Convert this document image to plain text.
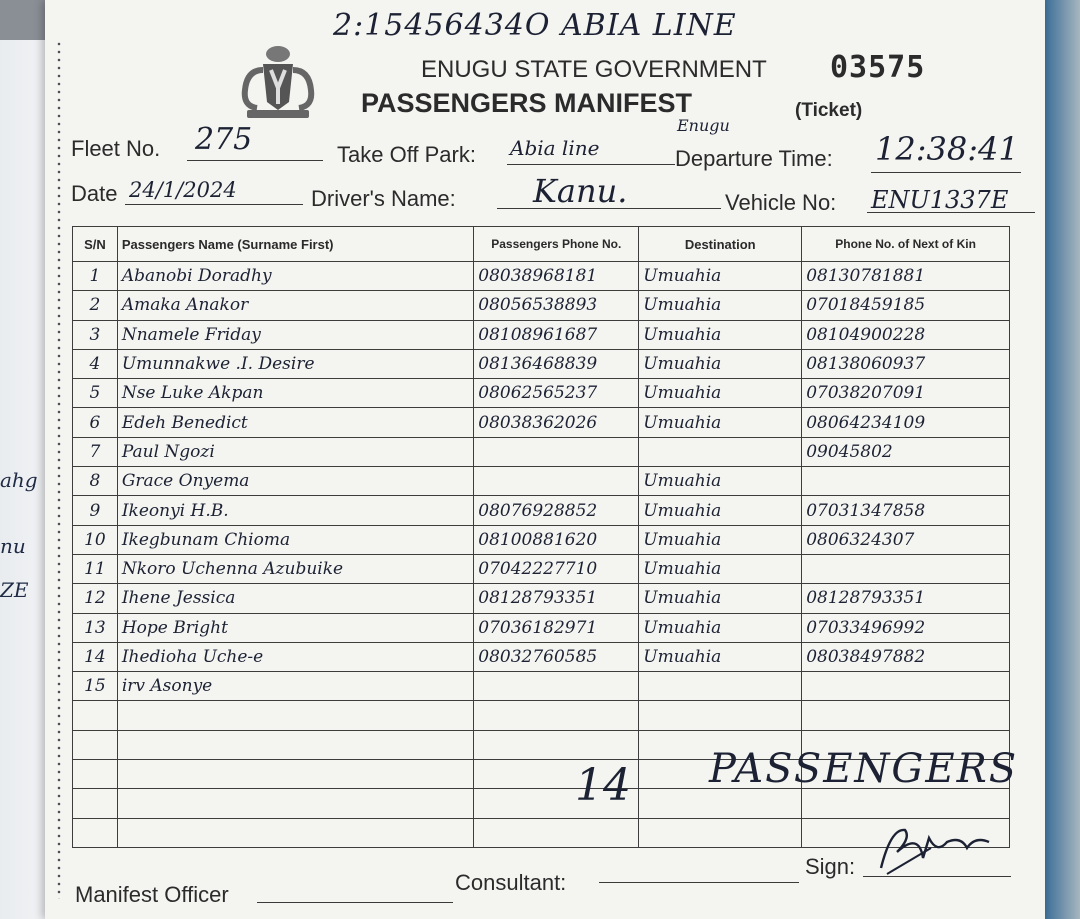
ahg
nu
ZE
2:15456434O ABIA LINE
ENUGU STATE GOVERNMENT 03575
PASSENGERS MANIFEST	(Ticket)
Fleet No. 275	Take Off Park: Abia line
Enugu
Departure Time: 12:38:41
Date 24/1/2024	Driver's Name: Kanu.	Vehicle No: ENU1337E
S/N	Passengers Name (Surname First)	Passengers Phone No.	Destination	Phone No. of Next of Kin
1	Abanobi Doradhy	08038968181	Umuahia	08130781881
2	Amaka Anakor	08056538893	Umuahia	07018459185
3	Nnamele Friday	08108961687	Umuahia	08104900228
4	Umunnakwe .I. Desire	08136468839	Umuahia	08138060937
5	Nse Luke Akpan	08062565237	Umuahia	07038207091
6	Edeh Benedict	08038362026	Umuahia	08064234109
7	Paul Ngozi			09045802
8	Grace Onyema		Umuahia	
9	Ikeonyi H.B.	08076928852	Umuahia	07031347858
10	Ikegbunam Chioma	08100881620	Umuahia	0806324307
11	Nkoro Uchenna Azubuike	07042227710	Umuahia	
12	Ihene Jessica	08128793351	Umuahia	08128793351
13	Hope Bright	07036182971	Umuahia	07033496992
14	Ihedioha Uche-e	08032760585	Umuahia	08038497882
15	irv Asonye			

14 PASSENGERS
Sign:
Manifest Officer	Consultant:
